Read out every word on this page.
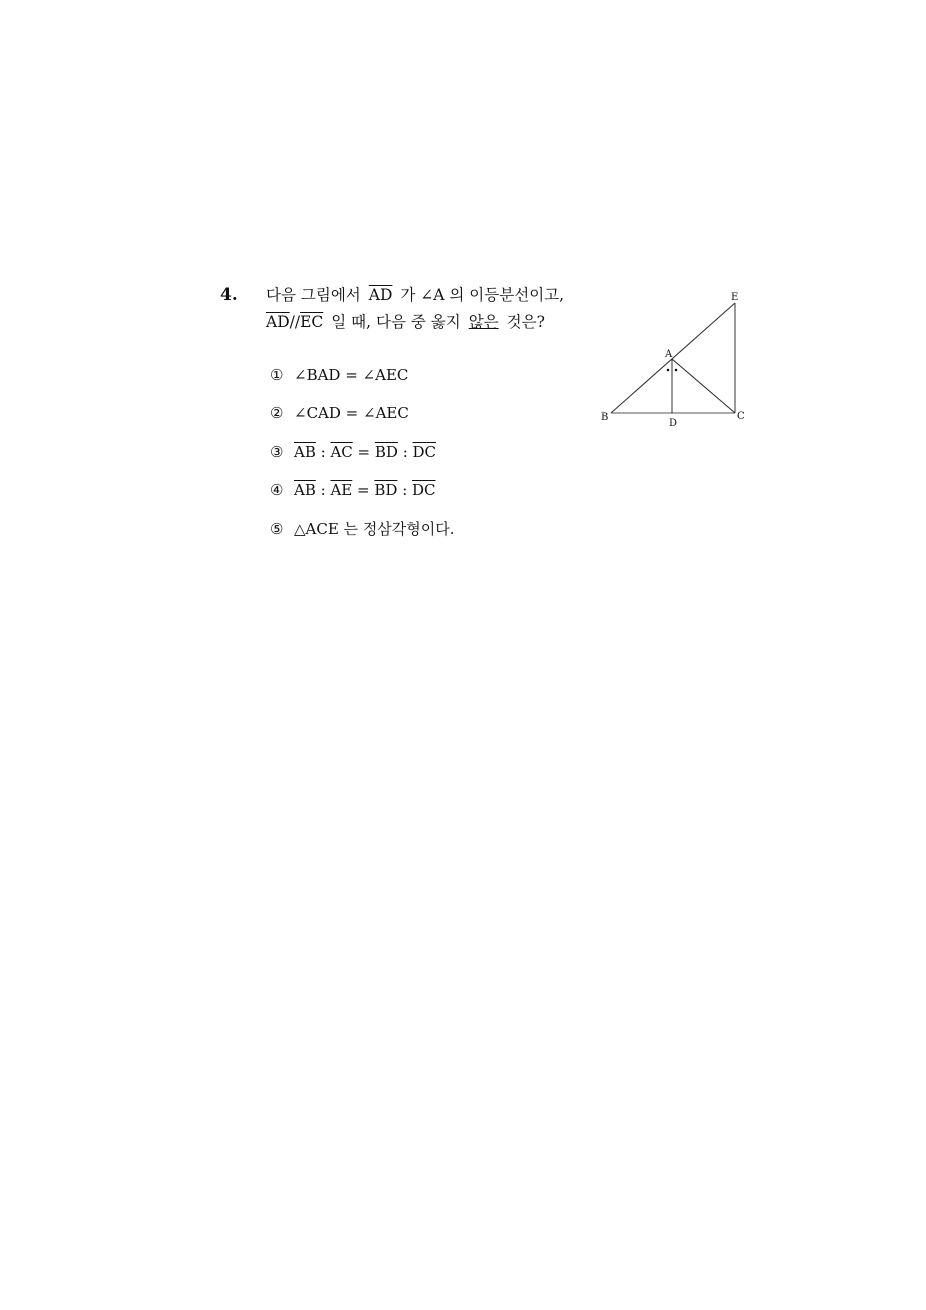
4. 다음 그림에서 $\overline{AD}$ 가 ∠A 의 이등분선이고,
$\overline{AD}//\overline{EC}$ 일 때, 다음 중 옳지 않은 것은?
① ∠BAD = ∠AEC
② ∠CAD = ∠AEC
③ $\overline{AB}$ : $\overline{AC} = \overline{BD}$ : $\overline{DC}$
④ $\overline{AB}$ : $\overline{AE} = \overline{BD}$ : $\overline{DC}$
⑤ △ACE 는 정삼각형이다.
A
B	C
D
E
